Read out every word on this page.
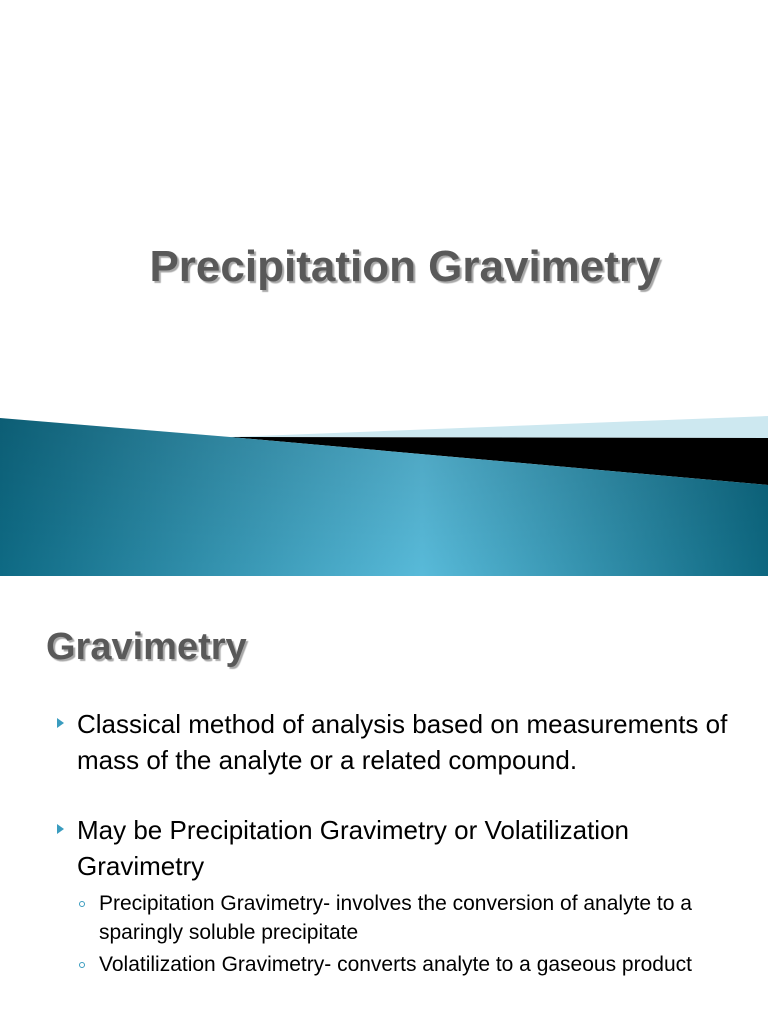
Precipitation Gravimetry
Gravimetry
Classical method of analysis based on measurements of mass of the analyte or a related compound.
May be Precipitation Gravimetry or Volatilization Gravimetry
Precipitation Gravimetry- involves the conversion of analyte to a sparingly soluble precipitate
Volatilization Gravimetry- converts analyte to a gaseous product
